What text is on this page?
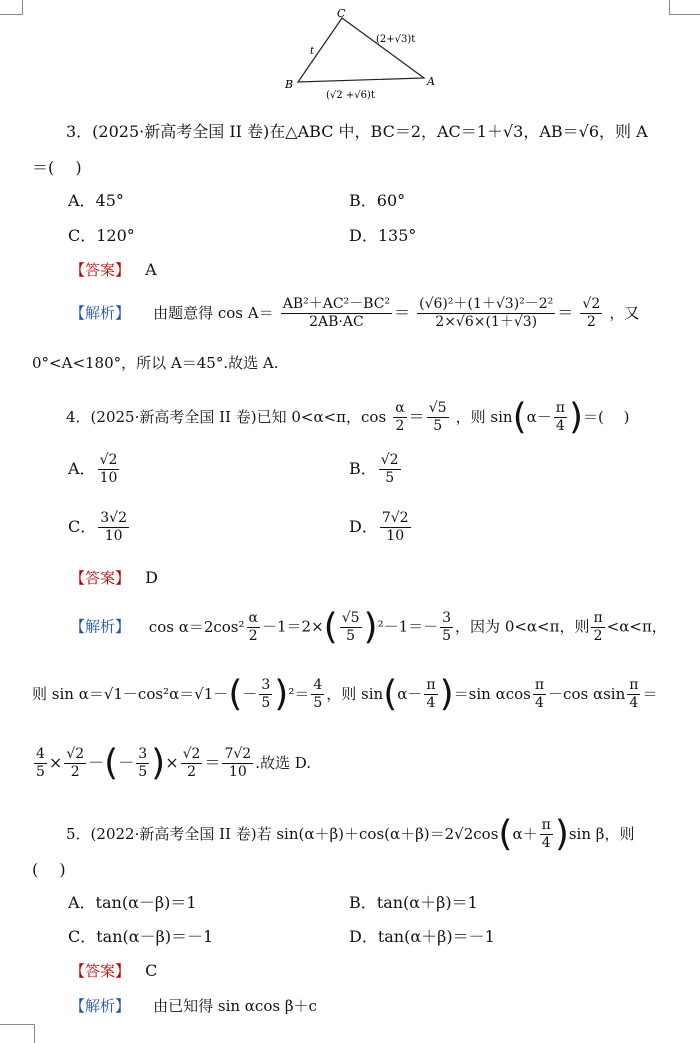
C
B	A
t
(2+√3)t
(√2 +√6)t
3．(2025·新高考全国 II 卷)在△ABC 中，BC＝2，AC＝1＋√3，AB＝√6，则 A
＝(　 )
A．45°	B．60°
C．120°	D．135°
【答案】 A
【解析】 由题意得 $\cos A= \frac{\text{AB²＋AC²－BC²}}{2AB\cdot AC} = \frac{\text{(√6)²＋(1＋√3)²－2²}}{2\times√6\times(1+√3)} = \frac{√2}{2}$ ，又
0°<A<180°，所以 A＝45°.故选 A.
4．(2025·新高考全国 II 卷)已知 0<α<π，$\cos \frac{\alpha}{2} = \frac{√5}{5}$ ，则 $\sin(\alpha- \frac{\pi}{4}$ )＝(　 )
A． $\frac{√2}{10}$	B． $\frac{√2}{5}$
C． $\frac{3√2}{10}$	D． $\frac{7√2}{10}$
【答案】 D
【解析】 $\cos \alpha=2\cos^2 \frac{\alpha}{2} -1=2\times( \frac{√5}{5} )^2-1=- \frac{3}{5}$ ，因为 0<α<π，则 $\frac{\pi}{2} <\alpha<\pi$，
则 $\sin \alpha=√1-\cos^2\alpha=√1-(- \frac{3}{5} )^2= \frac{4}{5}$ ，则 $\sin(\alpha- \frac{\pi}{4} )=\sin$ αcos $\frac{\pi}{4} -\cos$ αsin $\frac{\pi}{4}$ ＝
$\frac{4}{5} \times \frac{√2}{2}$ －(－ $\frac{3}{5}$ )× $\frac{√2}{2} = \frac{7√2}{10}$ .故选 D.
5．(2022·新高考全国 II 卷)若 $\sin(\alpha+\beta)+\cos(\alpha+\beta)=2√2\cos(\alpha+ \frac{\pi}{4} )\sin$ β，则
(　 )
A．tan(α－β)＝1	B．tan(α＋β)＝1
C．tan(α－β)＝－1	D．tan(α＋β)＝－1
【答案】 C
【解析】 由已知得 sin αcos β＋c
